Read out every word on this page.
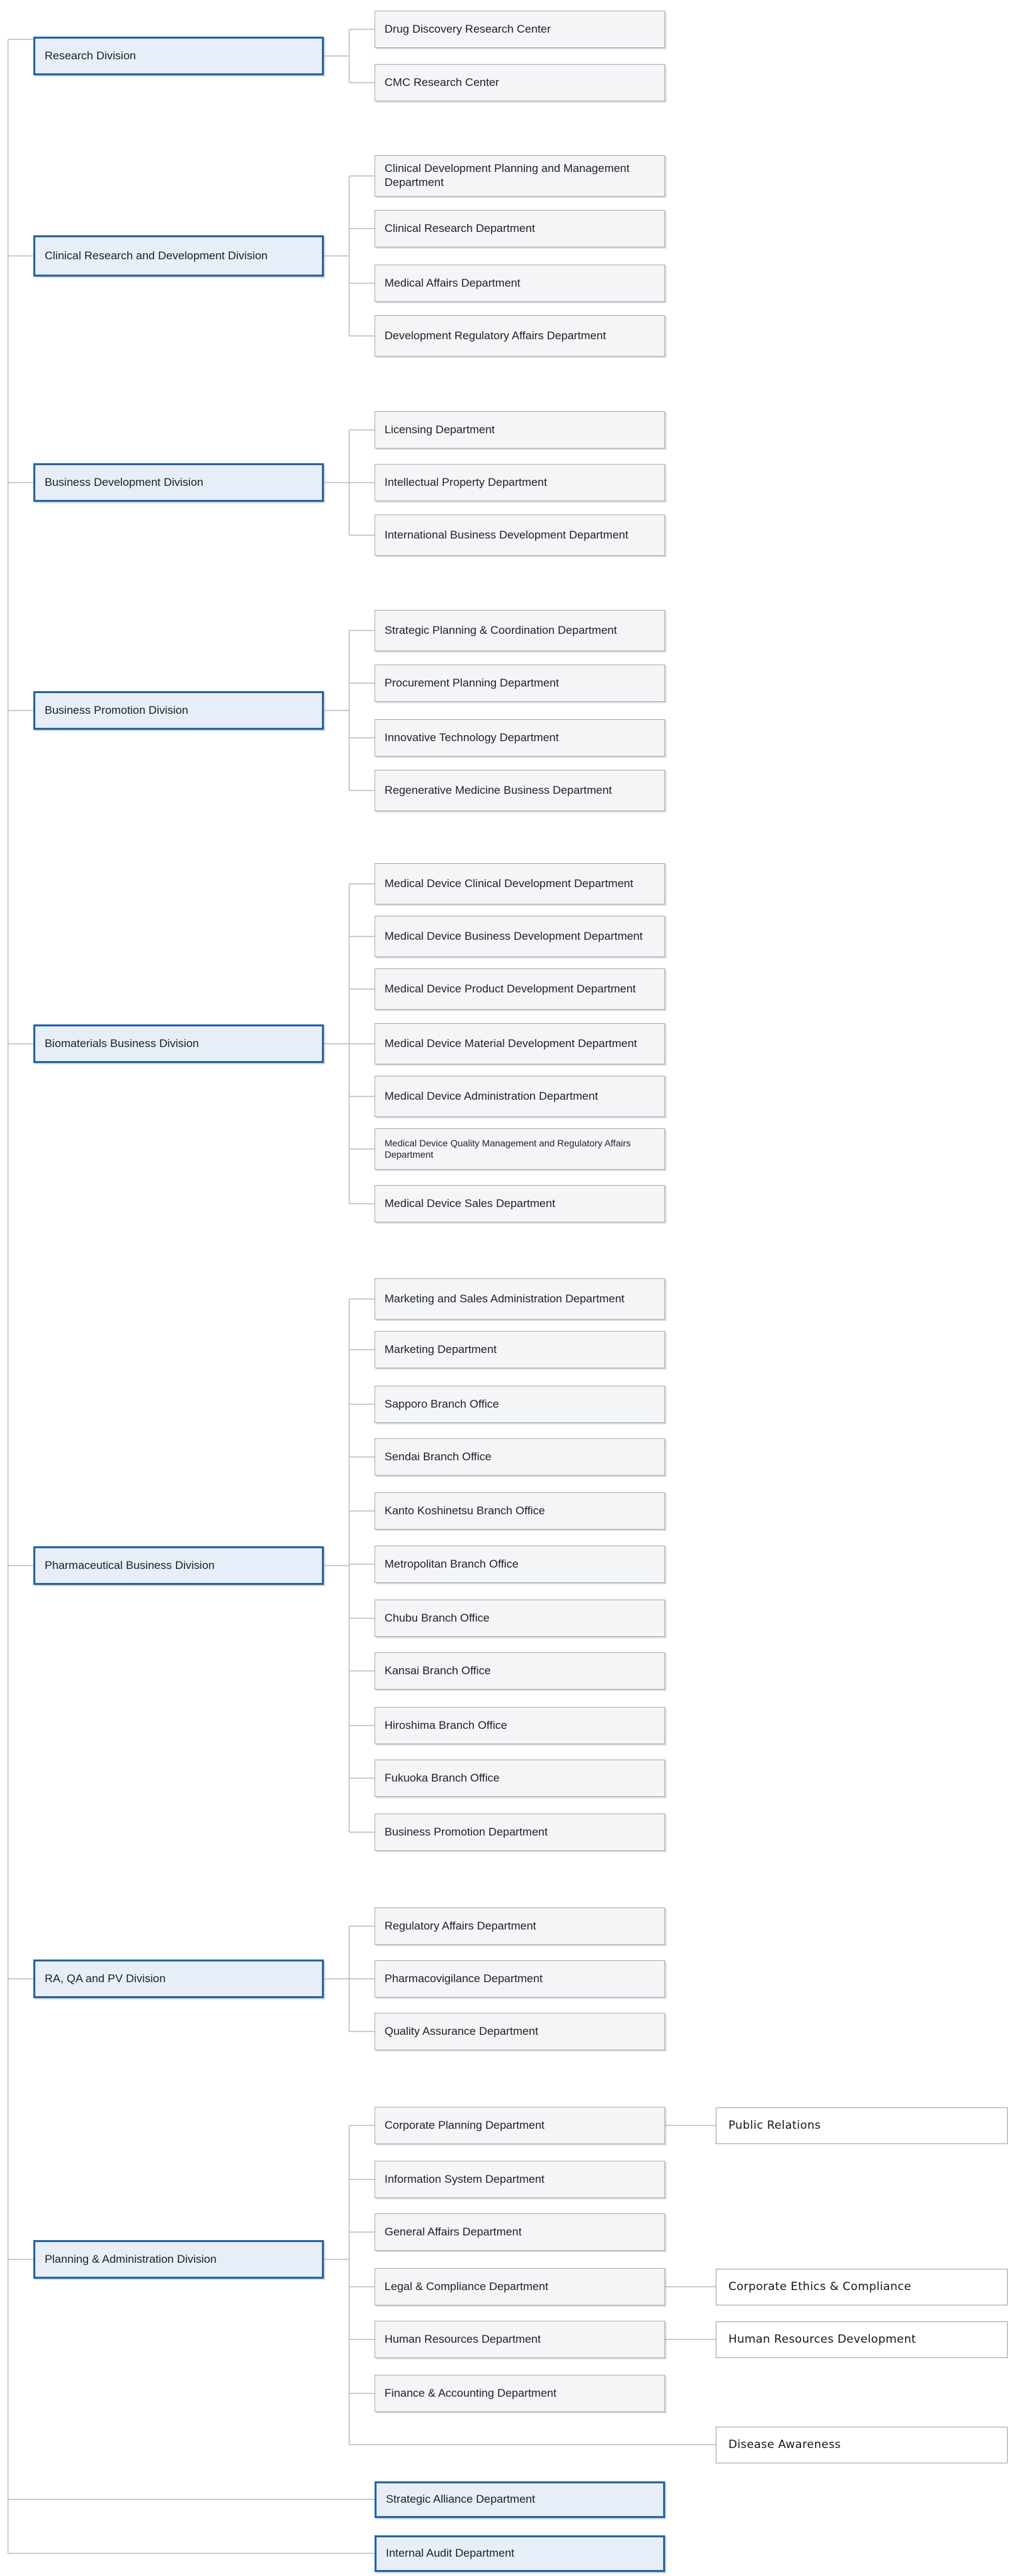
Research Division
Drug Discovery Research Center
CMC Research Center
Clinical Research and Development Division
Clinical Development Planning and Management Department
Clinical Research Department
Medical Affairs Department
Development Regulatory Affairs Department
Business Development Division
Licensing Department
Intellectual Property Department
International Business Development Department
Business Promotion Division
Strategic Planning & Coordination Department
Procurement Planning Department
Innovative Technology Department
Regenerative Medicine Business Department
Biomaterials Business Division
Medical Device Clinical Development Department
Medical Device Business Development Department
Medical Device Product Development Department
Medical Device Material Development Department
Medical Device Administration Department
Medical Device Quality Management and Regulatory Affairs Department
Medical Device Sales Department
Pharmaceutical Business Division
Marketing and Sales Administration Department
Marketing Department
Sapporo Branch Office
Sendai Branch Office
Kanto Koshinetsu Branch Office
Metropolitan Branch Office
Chubu Branch Office
Kansai Branch Office
Hiroshima Branch Office
Fukuoka Branch Office
Business Promotion Department
RA, QA and PV Division
Regulatory Affairs Department
Pharmacovigilance Department
Quality Assurance Department
Planning & Administration Division
Corporate Planning Department
Information System Department
General Affairs Department
Legal & Compliance Department
Human Resources Department
Finance & Accounting Department
Public Relations
Corporate Ethics & Compliance
Human Resources Development
Disease Awareness
Strategic Alliance Department
Internal Audit Department
